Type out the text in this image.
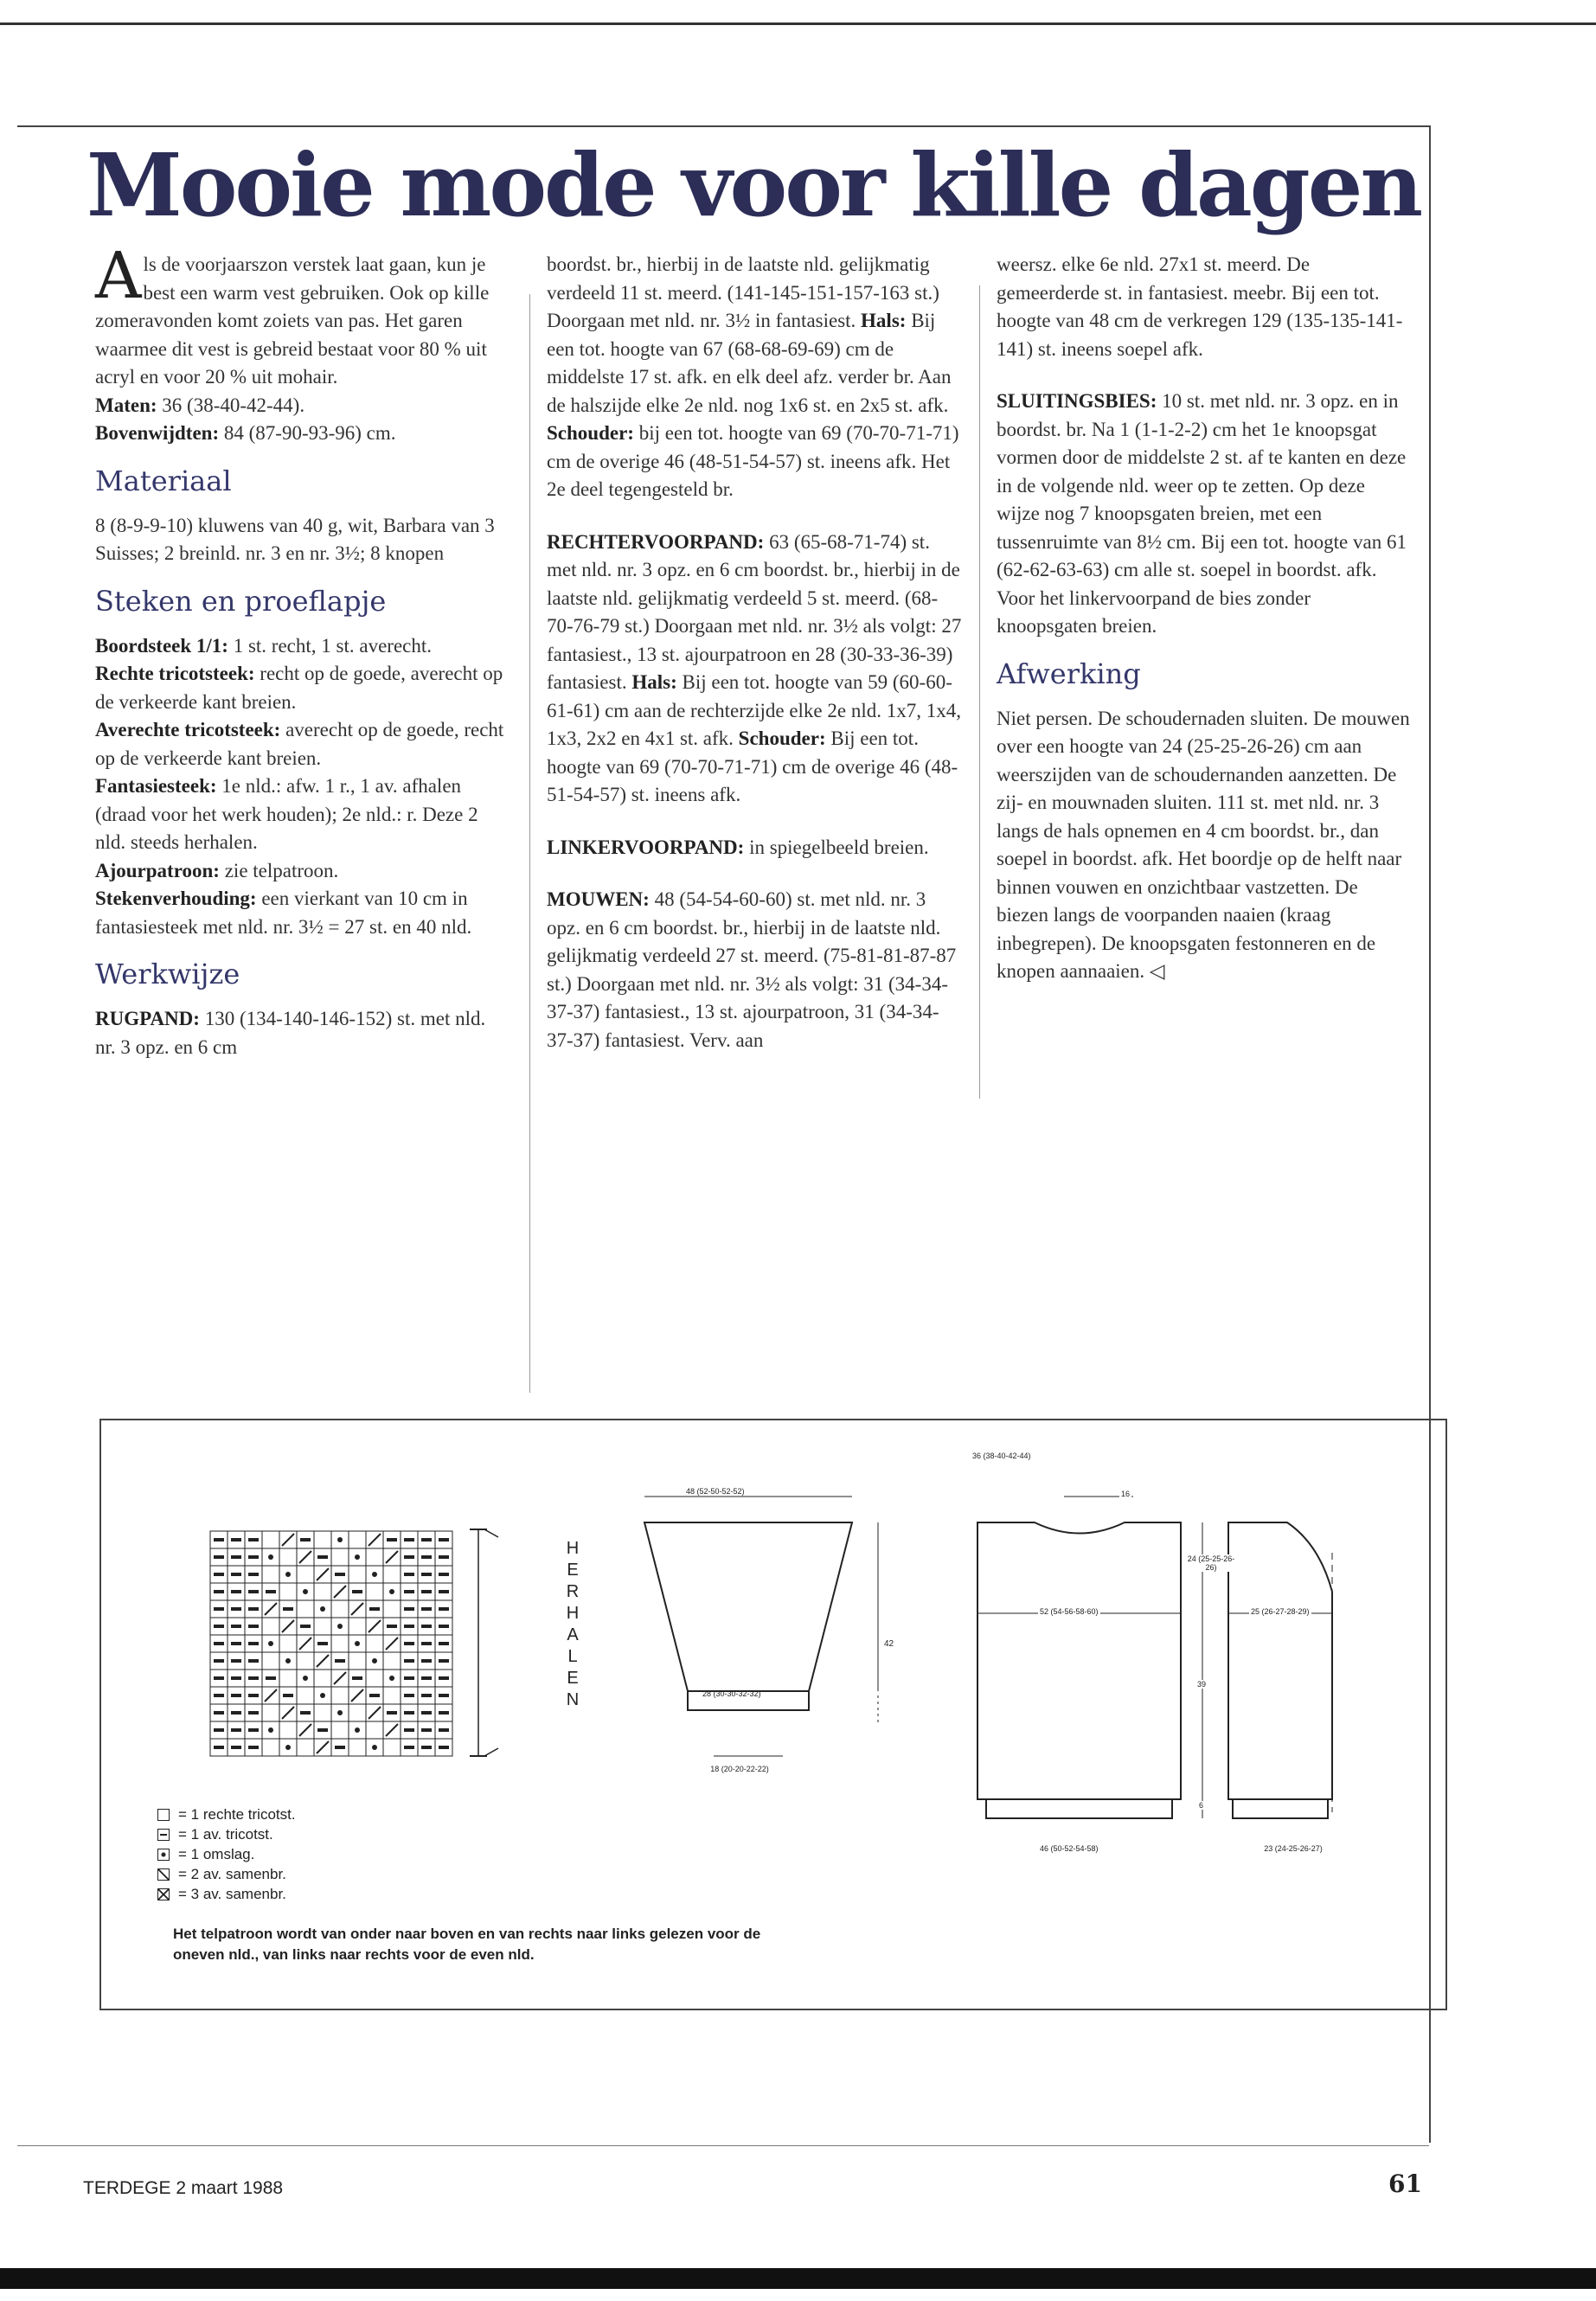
Mooie mode voor kille dagen

Als de voorjaarszon verstek laat gaan, kun je best een warm vest gebruiken. Ook op kille zomeravonden komt zoiets van pas. Het garen waarmee dit vest is gebreid bestaat voor 80 % uit acryl en voor 20 % uit mohair.

Maten: 36 (38-40-42-44).

Bovenwijdten: 84 (87-90-93-96) cm.

Materiaal

8 (8-9-9-10) kluwens van 40 g, wit, Barbara van 3 Suisses; 2 breinld. nr. 3 en nr. 3½; 8 knopen

Steken en proeflapje

Boordsteek 1/1: 1 st. recht, 1 st. averecht.

Rechte tricotsteek: recht op de goede, averecht op de verkeerde kant breien.

Averechte tricotsteek: averecht op de goede, recht op de verkeerde kant breien.

Fantasiesteek: 1e nld.: afw. 1 r., 1 av. afhalen (draad voor het werk houden); 2e nld.: r. Deze 2 nld. steeds herhalen.

Ajourpatroon: zie telpatroon.

Stekenverhouding: een vierkant van 10 cm in fantasiesteek met nld. nr. 3½ = 27 st. en 40 nld.

Werkwijze

RUGPAND: 130 (134-140-146-152) st. met nld. nr. 3 opz. en 6 cm

boordst. br., hierbij in de laatste nld. gelijkmatig verdeeld 11 st. meerd. (141-145-151-157-163 st.) Doorgaan met nld. nr. 3½ in fantasiest. Hals: Bij een tot. hoogte van 67 (68-68-69-69) cm de middelste 17 st. afk. en elk deel afz. verder br. Aan de halszijde elke 2e nld. nog 1x6 st. en 2x5 st. afk. Schouder: bij een tot. hoogte van 69 (70-70-71-71) cm de overige 46 (48-51-54-57) st. ineens afk. Het 2e deel tegengesteld br.

RECHTERVOORPAND: 63 (65-68-71-74) st. met nld. nr. 3 opz. en 6 cm boordst. br., hierbij in de laatste nld. gelijkmatig verdeeld 5 st. meerd. (68-70-76-79 st.) Doorgaan met nld. nr. 3½ als volgt: 27 fantasiest., 13 st. ajourpatroon en 28 (30-33-36-39) fantasiest. Hals: Bij een tot. hoogte van 59 (60-60-61-61) cm aan de rechterzijde elke 2e nld. 1x7, 1x4, 1x3, 2x2 en 4x1 st. afk. Schouder: Bij een tot. hoogte van 69 (70-70-71-71) cm de overige 46 (48-51-54-57) st. ineens afk.

LINKERVOORPAND: in spiegelbeeld breien.

MOUWEN: 48 (54-54-60-60) st. met nld. nr. 3 opz. en 6 cm boordst. br., hierbij in de laatste nld. gelijkmatig verdeeld 27 st. meerd. (75-81-81-87-87 st.) Doorgaan met nld. nr. 3½ als volgt: 31 (34-34-37-37) fantasiest., 13 st. ajourpatroon, 31 (34-34-37-37) fantasiest. Verv. aan

weersz. elke 6e nld. 27x1 st. meerd. De gemeerderde st. in fantasiest. meebr. Bij een tot. hoogte van 48 cm de verkregen 129 (135-135-141-141) st. ineens soepel afk.

SLUITINGSBIES: 10 st. met nld. nr. 3 opz. en in boordst. br. Na 1 (1-1-2-2) cm het 1e knoopsgat vormen door de middelste 2 st. af te kanten en deze in de volgende nld. weer op te zetten. Op deze wijze nog 7 knoopsgaten breien, met een tussenruimte van 8½ cm. Bij een tot. hoogte van 61 (62-62-63-63) cm alle st. soepel in boordst. afk. Voor het linkervoorpand de bies zonder knoopsgaten breien.

Afwerking

Niet persen. De schoudernaden sluiten. De mouwen over een hoogte van 24 (25-25-26-26) cm aan weerszijden van de schoudernanden aanzetten. De zij- en mouwnaden sluiten. 111 st. met nld. nr. 3 langs de hals opnemen en 4 cm boordst. br., dan soepel in boordst. afk. Het boordje op de helft naar binnen vouwen en onzichtbaar vastzetten. De biezen langs de voorpanden naaien (kraag inbegrepen). De knoopsgaten festonneren en de knopen aannaaien. ◁

H
E
R
H
A
L
E
N
= 1 rechte tricotst.
= 1 av. tricotst.
= 1 omslag.
= 2 av. samenbr.
= 3 av. samenbr.
Het telpatroon wordt van onder naar boven en van rechts naar links gelezen voor de oneven nld., van links naar rechts voor de even nld.
48 (52-50-52-52)
42
28 (30-30-32-32)
18 (20-20-22-22)
36 (38-40-42-44)
16
52 (54-56-58-60)
24 (25-25-26-26)
39
25 (26-27-28-29)
6
46 (50-52-54-58)	23 (24-25-26-27)
TERDEGE 2 maart 1988	61
